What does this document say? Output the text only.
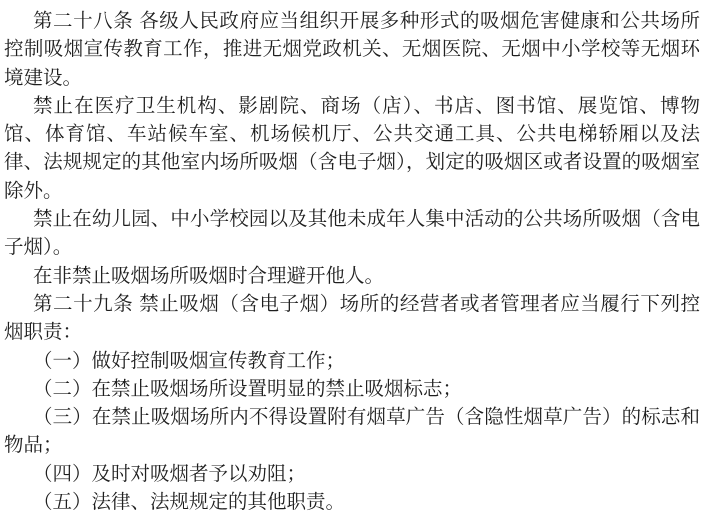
第二十八条 各级人民政府应当组织开展多种形式的吸烟危害健康和公共场所控制吸烟宣传教育工作，推进无烟党政机关、无烟医院、无烟中小学校等无烟环境建设。

禁止在医疗卫生机构、影剧院、商场（店）、书店、图书馆、展览馆、博物馆、体育馆、车站候车室、机场候机厅、公共交通工具、公共电梯轿厢以及法律、法规规定的其他室内场所吸烟（含电子烟），划定的吸烟区或者设置的吸烟室除外。

禁止在幼儿园、中小学校园以及其他未成年人集中活动的公共场所吸烟（含电子烟）。

在非禁止吸烟场所吸烟时合理避开他人。

第二十九条 禁止吸烟（含电子烟）场所的经营者或者管理者应当履行下列控烟职责：

（一）做好控制吸烟宣传教育工作；

（二）在禁止吸烟场所设置明显的禁止吸烟标志；

（三）在禁止吸烟场所内不得设置附有烟草广告（含隐性烟草广告）的标志和物品；

（四）及时对吸烟者予以劝阻；

（五）法律、法规规定的其他职责。
